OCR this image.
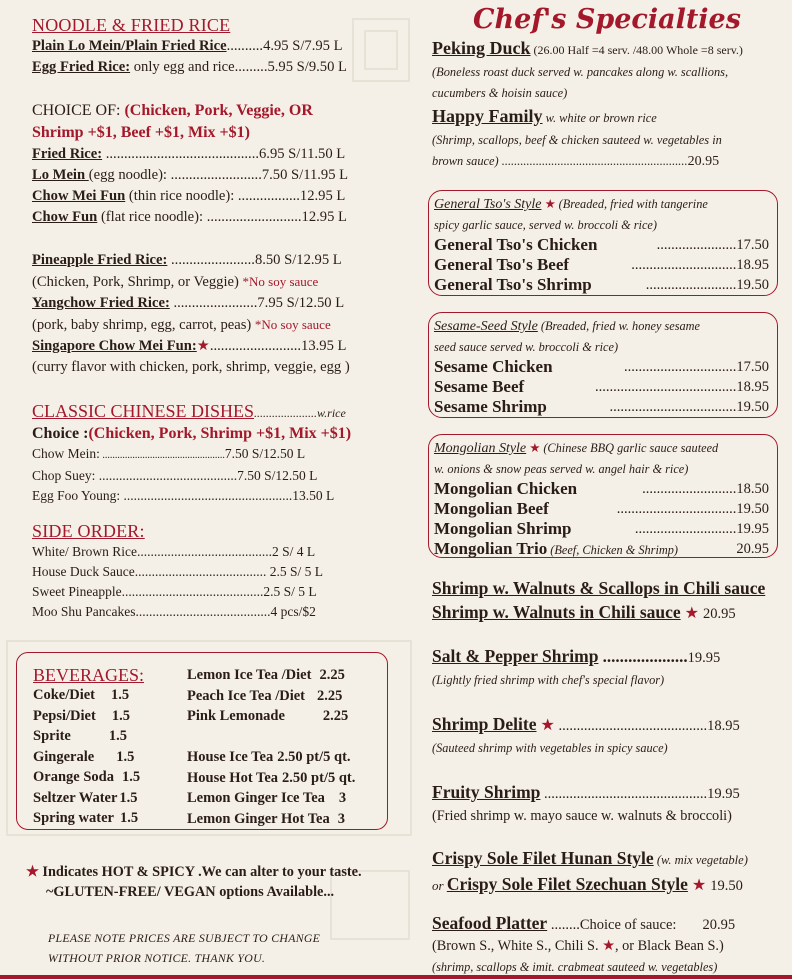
NOODLE & FRIED RICE
Plain Lo Mein/Plain Fried Rice..........4.95 S/7.95 L
Egg Fried Rice: only egg and rice.........5.95 S/9.50 L
CHOICE OF: (Chicken, Pork, Veggie, OR
Shrimp +$1, Beef +$1, Mix +$1)
Fried Rice: ..........................................6.95 S/11.50 L
Lo Mein (egg noodle): .........................7.50 S/11.95 L
Chow Mei Fun (thin rice noodle): .................12.95 L
Chow Fun (flat rice noodle): ..........................12.95 L
Pineapple Fried Rice: .......................8.50 S/12.95 L
(Chicken, Pork, Shrimp, or Veggie) *No soy sauce
Yangchow Fried Rice: .......................7.95 S/12.50 L
(pork, baby shrimp, egg, carrot, peas) *No soy sauce
Singapore Chow Mei Fun:★.........................13.95 L
(curry flavor with chicken, pork, shrimp, veggie, egg )
CLASSIC CHINESE DISHES.....................w.rice
Choice :(Chicken, Pork, Shrimp +$1, Mix +$1)
Chow Mein: .................................................7.50 S/12.50 L
Chop Suey: .........................................7.50 S/12.50 L
Egg Foo Young: ..................................................13.50 L
SIDE ORDER:
White/ Brown Rice........................................2 S/ 4 L
House Duck Sauce....................................... 2.5 S/ 5 L
Sweet Pineapple..........................................2.5 S/ 5 L
Moo Shu Pancakes........................................4 pcs/$2
BEVERAGES:
Coke/Diet 1.5
Pepsi/Diet 1.5
Sprite	1.5
Gingerale 1.5
Orange Soda 1.5
Seltzer Water 1.5
Spring water 1.5
Lemon Ice Tea /Diet 2.25
Peach Ice Tea /Diet 2.25
Pink Lemonade	2.25

House Ice Tea 2.50 pt/5 qt.
House Hot Tea 2.50 pt/5 qt.
Lemon Ginger Ice Tea 3
Lemon Ginger Hot Tea 3
★ Indicates HOT & SPICY .We can alter to your taste.
~GLUTEN-FREE/ VEGAN options Available...
PLEASE NOTE PRICES ARE SUBJECT TO CHANGE
WITHOUT PRIOR NOTICE. THANK YOU.
Chef's Specialties
Peking Duck (26.00 Half =4 serv. /48.00 Whole =8 serv.)
(Boneless roast duck served w. pancakes along w. scallions,
cucumbers & hoisin sauce)
Happy Family w. white or brown rice
(Shrimp, scallops, beef & chicken sauteed w. vegetables in
brown sauce) ............................................................20.95
General Tso's Style ★ (Breaded, fried with tangerine
spicy garlic sauce, served w. broccoli & rice)
General Tso's Chicken	......................17.50
General Tso's Beef	.............................18.95
General Tso's Shrimp	.........................19.50
Sesame-Seed Style (Breaded, fried w. honey sesame
seed sauce served w. broccoli & rice)
Sesame Chicken	...............................17.50
Sesame Beef	.......................................18.95
Sesame Shrimp	...................................19.50
Mongolian Style ★ (Chinese BBQ garlic sauce sauteed
w. onions & snow peas served w. angel hair & rice)
Mongolian Chicken	..........................18.50
Mongolian Beef	.................................19.50
Mongolian Shrimp	............................19.95
Mongolian Trio (Beef, Chicken & Shrimp)	20.95
Shrimp w. Walnuts & Scallops in Chili sauce
Shrimp w. Walnuts in Chili sauce ★ 20.95
Salt & Pepper Shrimp ....................19.95
(Lightly fried shrimp with chef's special flavor)
Shrimp Delite ★ .........................................18.95
(Sauteed shrimp with vegetables in spicy sauce)
Fruity Shrimp .............................................19.95
(Fried shrimp w. mayo sauce w. walnuts & broccoli)
Crispy Sole Filet Hunan Style (w. mix vegetable)
or Crispy Sole Filet Szechuan Style ★ 19.50
Seafood Platter ........Choice of sauce: 20.95
(Brown S., White S., Chili S. ★, or Black Bean S.)
(shrimp, scallops & imit. crabmeat sauteed w. vegetables)
